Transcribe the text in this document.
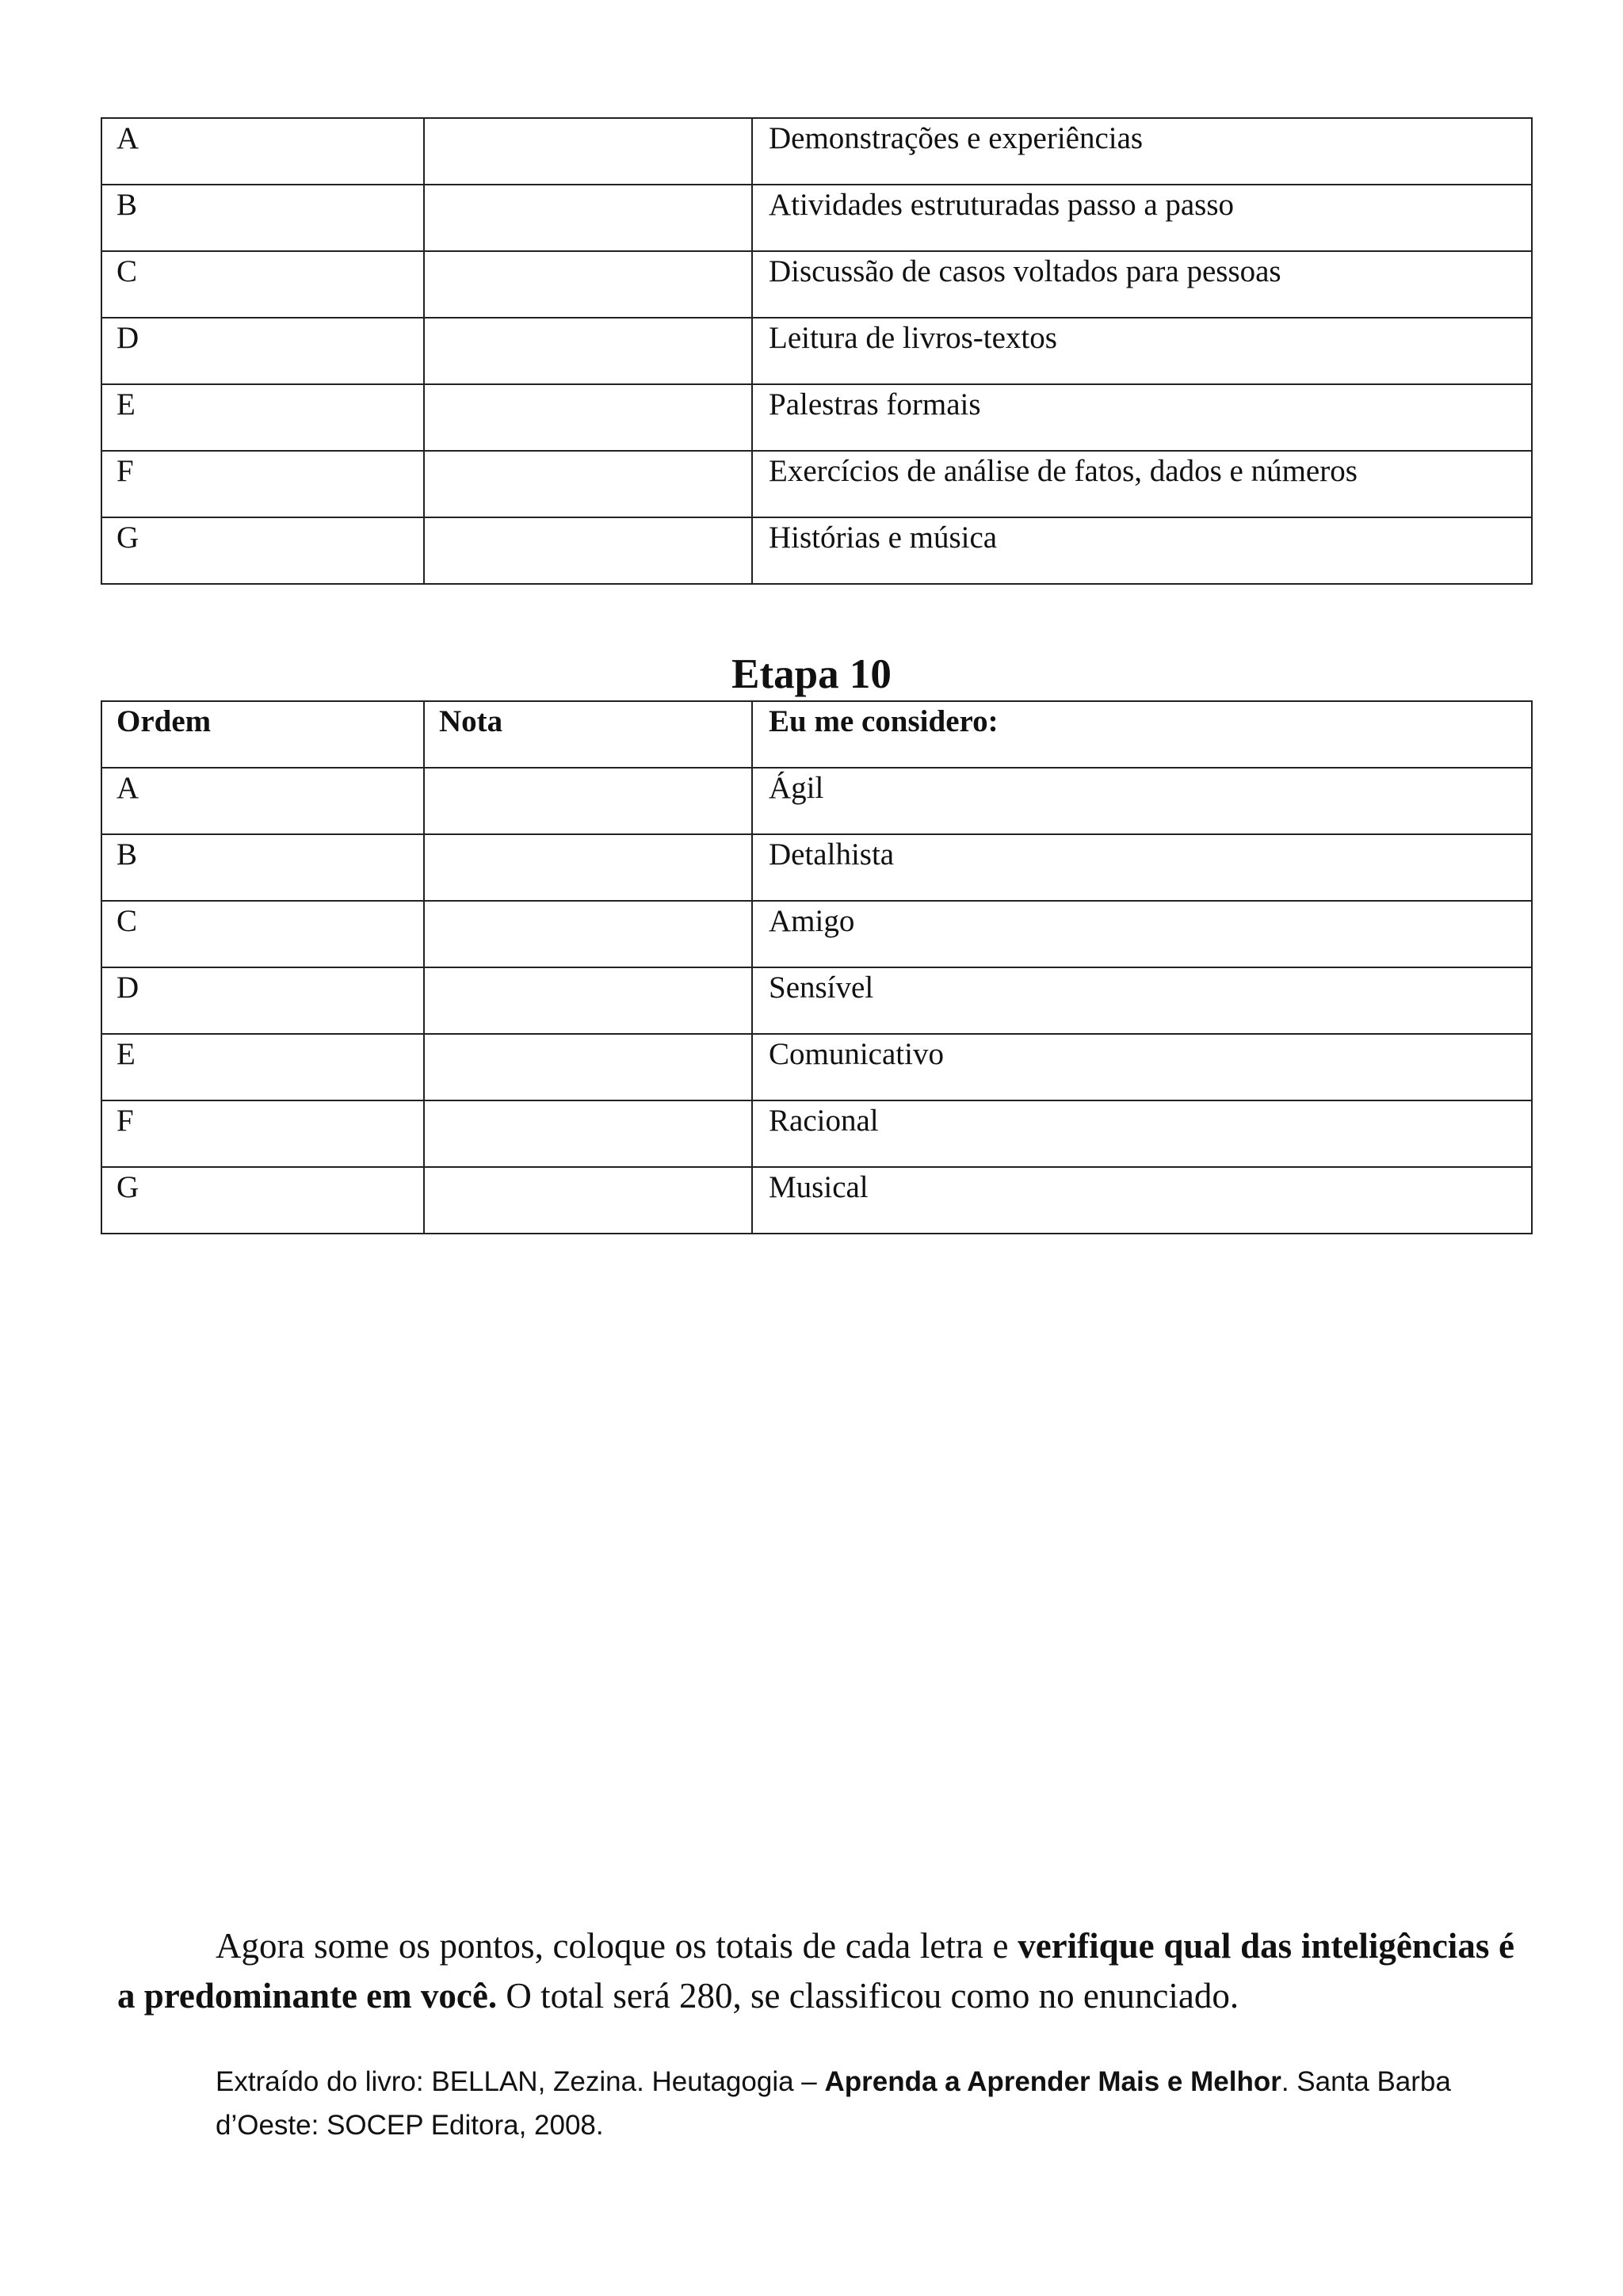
A		Demonstrações e experiências
B		Atividades estruturadas passo a passo
C		Discussão de casos voltados para pessoas
D		Leitura de livros-textos
E		Palestras formais
F		Exercícios de análise de fatos, dados e números
G		Histórias e música
Etapa 10
Ordem	Nota	Eu me considero:
A		Ágil
B		Detalhista
C		Amigo
D		Sensível
E		Comunicativo
F		Racional
G		Musical

Agora some os pontos, coloque os totais de cada letra e verifique qual das inteligências é a predominante em você. O total será 280, se classificou como no enunciado.

Extraído do livro: BELLAN, Zezina. Heutagogia – Aprenda a Aprender Mais e Melhor. Santa Barba d’Oeste: SOCEP Editora, 2008.
